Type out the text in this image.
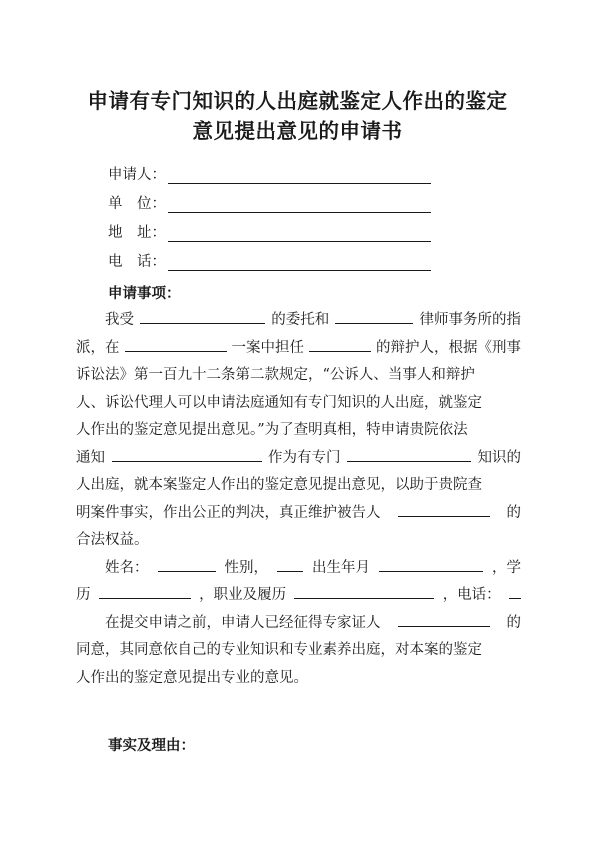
申请有专门知识的人出庭就鉴定人作出的鉴定
意见提出意见的申请书
申请人：
单　位：
地　址：
电　话：
申请事项：
我受	的委托和	律师事务所的指
派，在	一案中担任	的辩护人，根据《刑事
诉讼法》第一百九十二条第二款规定，“公诉人、当事人和辩护
人、诉讼代理人可以申请法庭通知有专门知识的人出庭，就鉴定
人作出的鉴定意见提出意见。”为了查明真相，特申请贵院依法
通知	作为有专门	知识的
人出庭，就本案鉴定人作出的鉴定意见提出意见，以助于贵院查
明案件事实，作出公正的判决，真正维护被告人	的
合法权益。
姓名：	性别，	出生年月	，学
历	，职业及履历	，电话：
在提交申请之前，申请人已经征得专家证人	的
同意，其同意依自己的专业知识和专业素养出庭，对本案的鉴定
人作出的鉴定意见提出专业的意见。
事实及理由：
